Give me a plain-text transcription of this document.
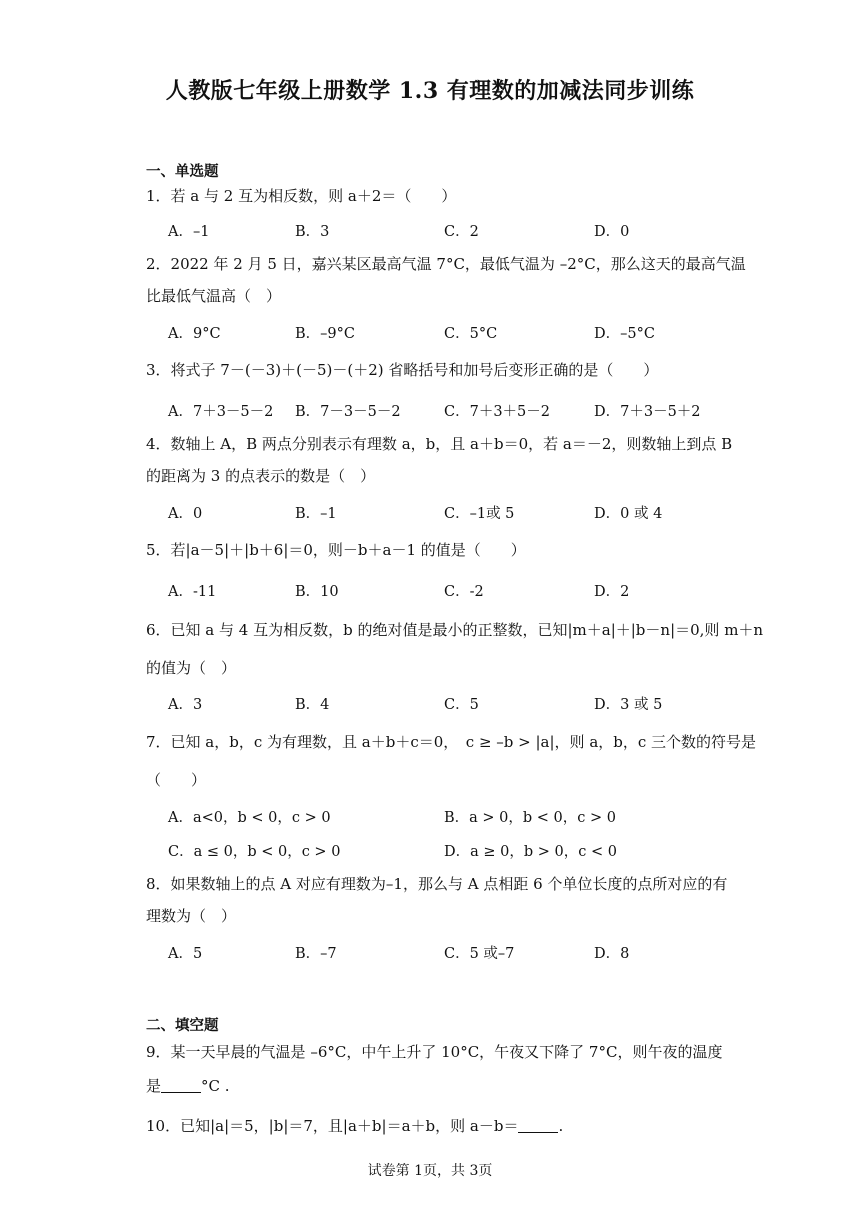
人教版七年级上册数学 1.3 有理数的加减法同步训练
一、单选题
1．若 a 与 2 互为相反数，则 a＋2＝（　　）
A．–1	B．3	C．2	D．0
2．2022 年 2 月 5 日，嘉兴某区最高气温 7°C，最低气温为 –2°C，那么这天的最高气温
比最低气温高（　）
A．9°C	B．–9°C	C．5°C	D．–5°C
3．将式子 7－(－3)＋(－5)－(＋2) 省略括号和加号后变形正确的是（　　）
A．7＋3－5－2 B．7－3－5－2	C．7＋3＋5－2	D．7＋3－5＋2
4．数轴上 A，B 两点分别表示有理数 a，b，且 a＋b＝0，若 a＝－2，则数轴上到点 B
的距离为 3 的点表示的数是（　）
A．0	B．–1	C．–1或 5	D．0 或 4
5．若|a－5|＋|b＋6|＝0，则－b＋a－1 的值是（　　）
A．-11	B．10	C．-2	D．2
6．已知 a 与 4 互为相反数，b 的绝对值是最小的正整数，已知|m＋a|＋|b－n|＝0,则 m＋n
的值为（　）
A．3	B．4	C．5	D．3 或 5
7．已知 a，b，c 为有理数，且 a＋b＋c＝0，　c ≥ –b > |a|，则 a，b，c 三个数的符号是
（　　）
A．a<0，b < 0，c > 0	B．a > 0，b < 0，c > 0
C．a ≤ 0，b < 0，c > 0	D．a ≥ 0，b > 0，c < 0
8．如果数轴上的点 A 对应有理数为–1，那么与 A 点相距 6 个单位长度的点所对应的有
理数为（　）
A．5	B．–7	C．5 或–7	D．8
二、填空题
9．某一天早晨的气温是 –6°C，中午上升了 10°C，午夜又下降了 7°C，则午夜的温度
是	°C .
10．已知|a|＝5，|b|＝7，且|a＋b|＝a＋b，则 a－b＝	.
试卷第 1页，共 3页
